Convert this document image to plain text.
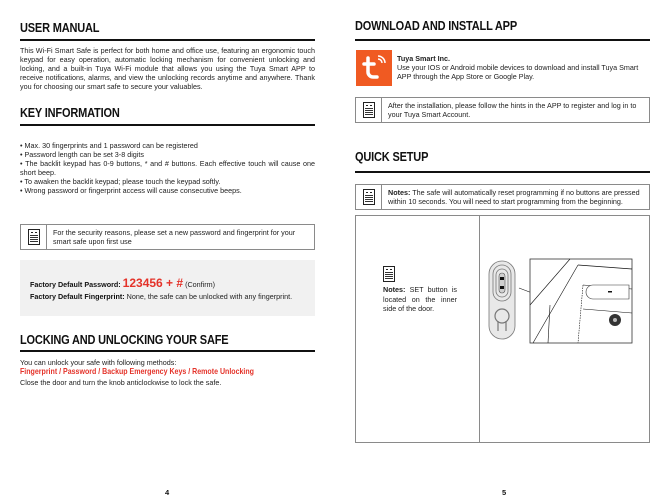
USER MANUAL
This Wi-Fi Smart Safe is perfect for both home and office use, featuring an ergonomic touch keypad for easy operation, automatic locking mechanism for convenient unlocking and locking, and a built-in Tuya Wi-Fi module that allows you using the Tuya Smart APP to receive notifications, alarms, and view the unlocking records anytime and anywhere. Thank you for choosing our smart safe to secure your valuables.
KEY INFORMATION
• Max. 30 fingerprints and 1 password can be registered
• Password length can be set 3-8 digits
• The backlit keypad has 0-9 buttons, * and # buttons. Each effective touch will cause one short beep.
• To awaken the backlit keypad; please touch the keypad softly.
• Wrong password or fingerprint access will cause consecutive beeps.
For the security reasons, please set a new password and fingerprint for your smart safe upon first use
Factory Default Password: 123456 + # (Confirm)
Factory Default Fingerprint: None, the safe can be unlocked with any fingerprint.
LOCKING AND UNLOCKING YOUR SAFE
You can unlock your safe with following methods:
Fingerprint / Password / Backup Emergency Keys / Remote Unlocking
Close the door and turn the knob anticlockwise to lock the safe.
4
DOWNLOAD AND INSTALL APP
Tuya Smart Inc.
Use your IOS or Android mobile devices to download and install Tuya Smart APP through the App Store or Google Play.
After the installation, please follow the hints in the APP to register and log in to your Tuya Smart Account.
QUICK SETUP
Notes: The safe will automatically reset programming if no buttons are pressed within 10 seconds. You will need to start programming from the beginning.
Notes: SET button is located on the inner side of the door.
5
